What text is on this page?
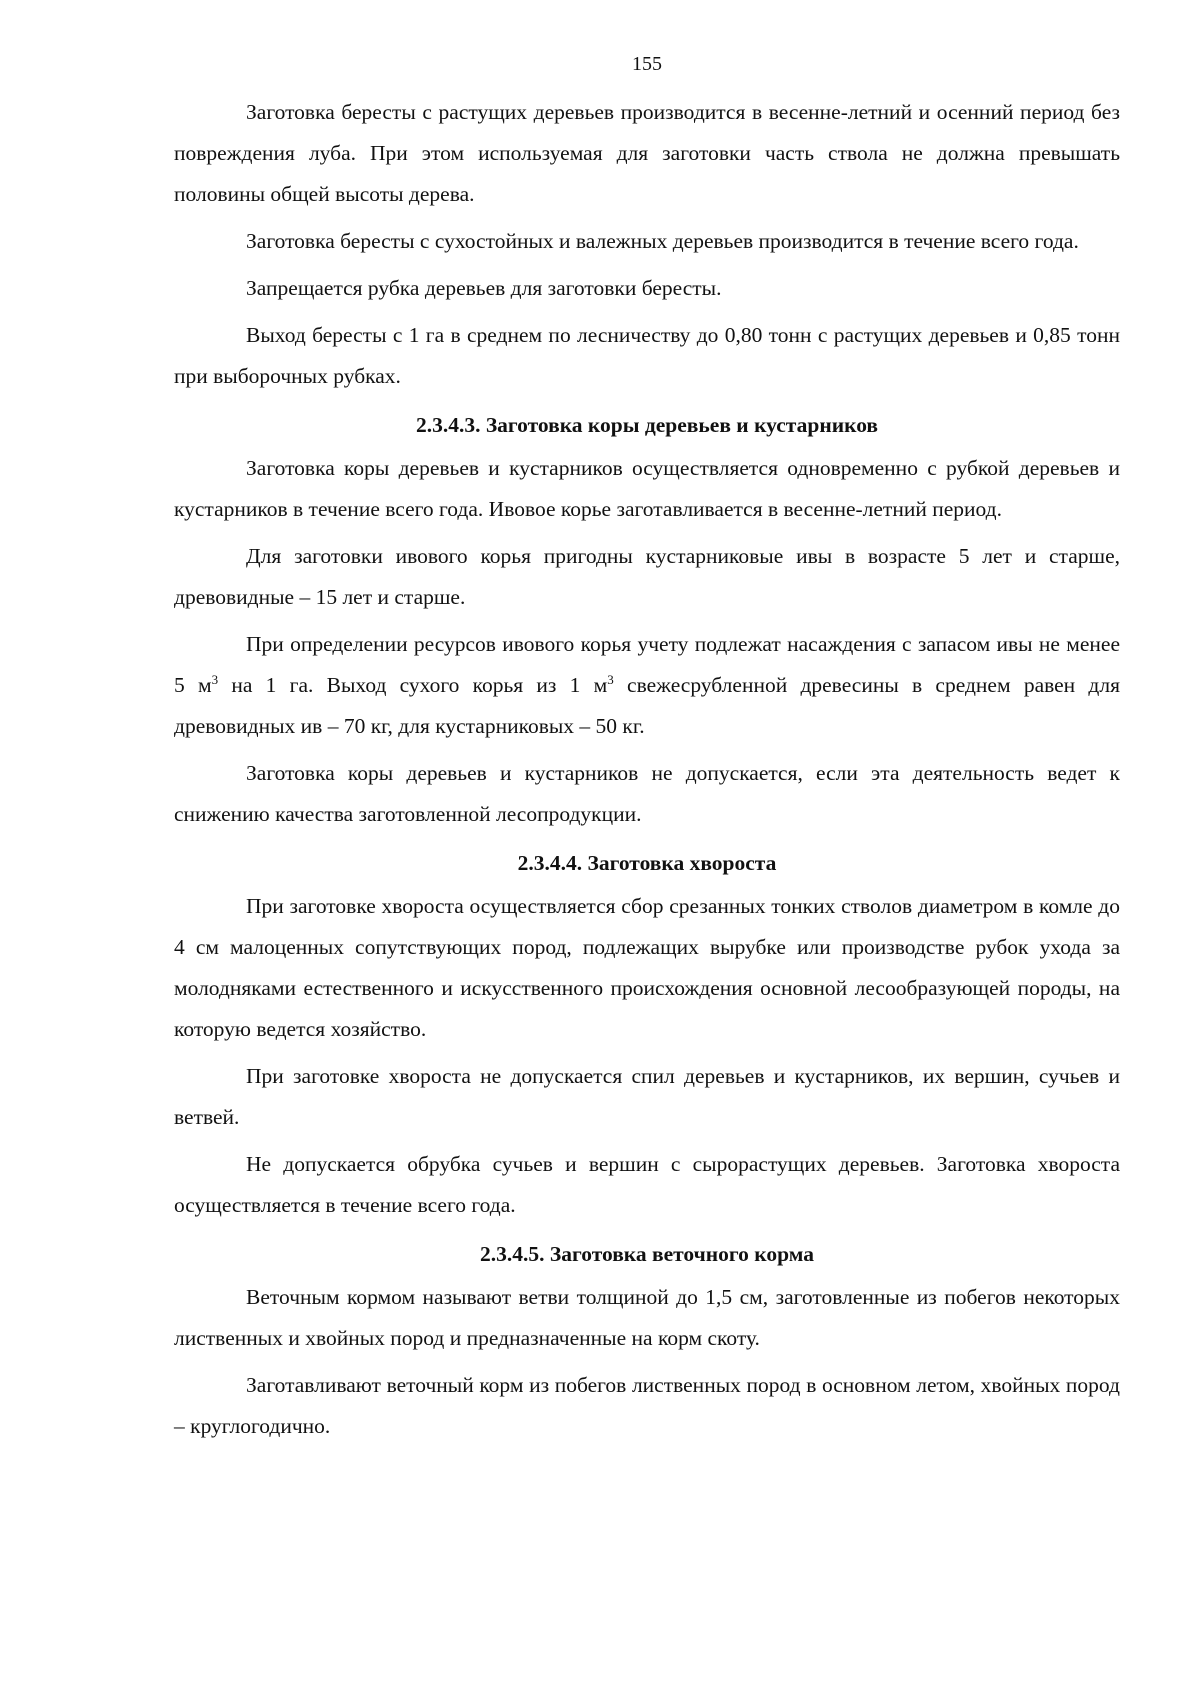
155

Заготовка бересты с растущих деревьев производится в весенне-летний и осенний период без повреждения луба. При этом используемая для заготовки часть ствола не должна превышать половины общей высоты дерева.

Заготовка бересты с сухостойных и валежных деревьев производится в течение всего года.

Запрещается рубка деревьев для заготовки бересты.

Выход бересты с 1 га в среднем по лесничеству до 0,80 тонн с растущих деревьев и 0,85 тонн при выборочных рубках.

2.3.4.3. Заготовка коры деревьев и кустарников

Заготовка коры деревьев и кустарников осуществляется одновременно с рубкой деревьев и кустарников в течение всего года. Ивовое корье заготавливается в весенне-летний период.

Для заготовки ивового корья пригодны кустарниковые ивы в возрасте 5 лет и старше, древовидные – 15 лет и старше.

При определении ресурсов ивового корья учету подлежат насаждения с запасом ивы не менее 5 $м^3$ на 1 га. Выход сухого корья из 1 $м^3$ свежесрубленной древесины в среднем равен для древовидных ив – 70 кг, для кустарниковых – 50 кг.

Заготовка коры деревьев и кустарников не допускается, если эта деятельность ведет к снижению качества заготовленной лесопродукции.

2.3.4.4. Заготовка хвороста

При заготовке хвороста осуществляется сбор срезанных тонких стволов диаметром в комле до 4 см малоценных сопутствующих пород, подлежащих вырубке или производстве рубок ухода за молодняками естественного и искусственного происхождения основной лесообразующей породы, на которую ведется хозяйство.

При заготовке хвороста не допускается спил деревьев и кустарников, их вершин, сучьев и ветвей.

Не допускается обрубка сучьев и вершин с сырорастущих деревьев. Заготовка хвороста осуществляется в течение всего года.

2.3.4.5. Заготовка веточного корма

Веточным кормом называют ветви толщиной до 1,5 см, заготовленные из побегов некоторых лиственных и хвойных пород и предназначенные на корм скоту.

Заготавливают веточный корм из побегов лиственных пород в основном летом, хвойных пород – круглогодично.
